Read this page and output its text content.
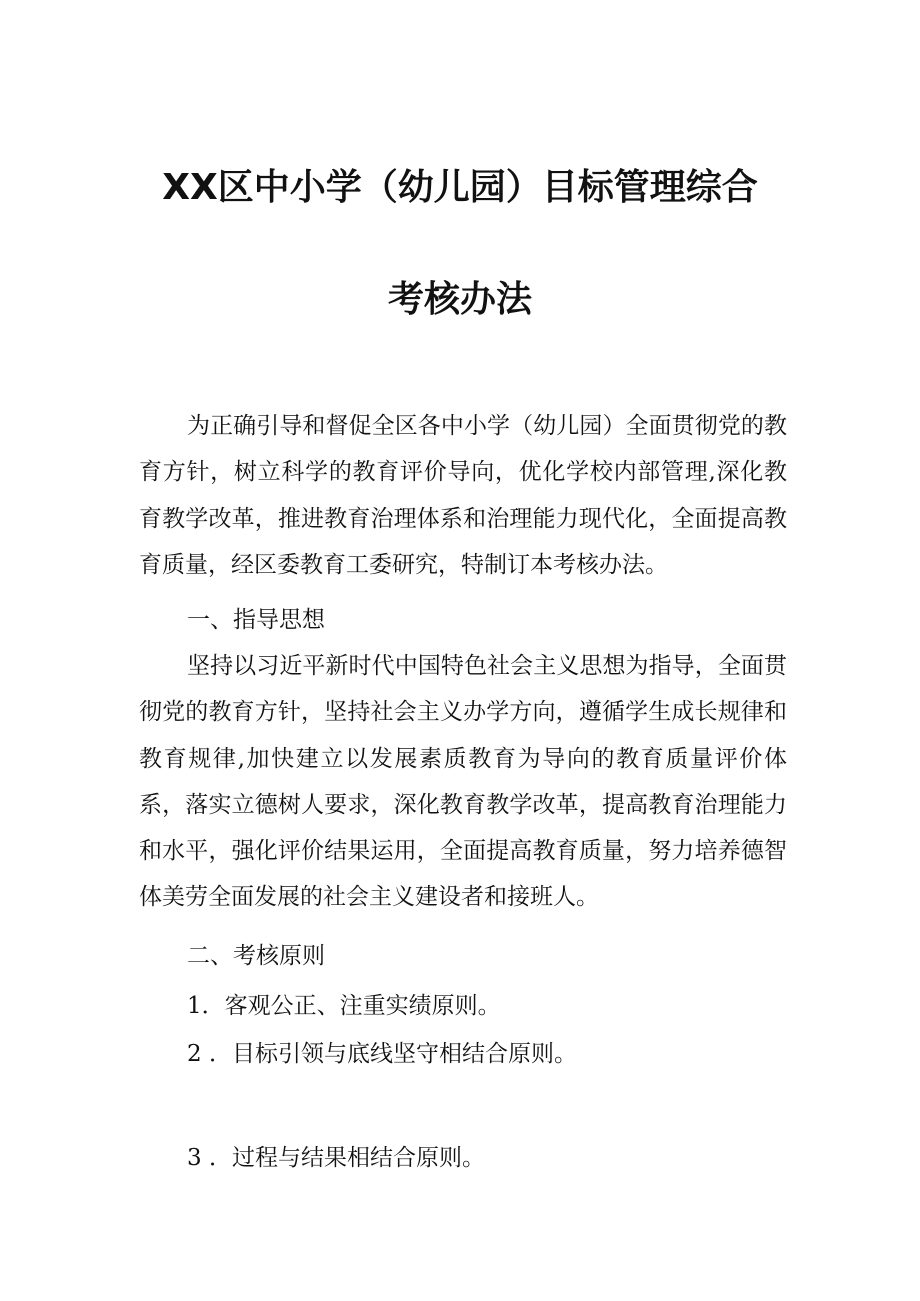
XX区中小学（幼儿园）目标管理综合
考核办法

为正确引导和督促全区各中小学（幼儿园）全面贯彻党的教育方针，树立科学的教育评价导向，优化学校内部管理,深化教育教学改革，推进教育治理体系和治理能力现代化，全面提高教育质量，经区委教育工委研究，特制订本考核办法。

一、指导思想

坚持以习近平新时代中国特色社会主义思想为指导，全面贯彻党的教育方针，坚持社会主义办学方向，遵循学生成长规律和教育规律,加快建立以发展素质教育为导向的教育质量评价体系，落实立德树人要求，深化教育教学改革，提高教育治理能力和水平，强化评价结果运用，全面提高教育质量，努力培养德智体美劳全面发展的社会主义建设者和接班人。

二、考核原则

1．客观公正、注重实绩原则。

2 ．目标引领与底线坚守相结合原则。

3 ．过程与结果相结合原则。
